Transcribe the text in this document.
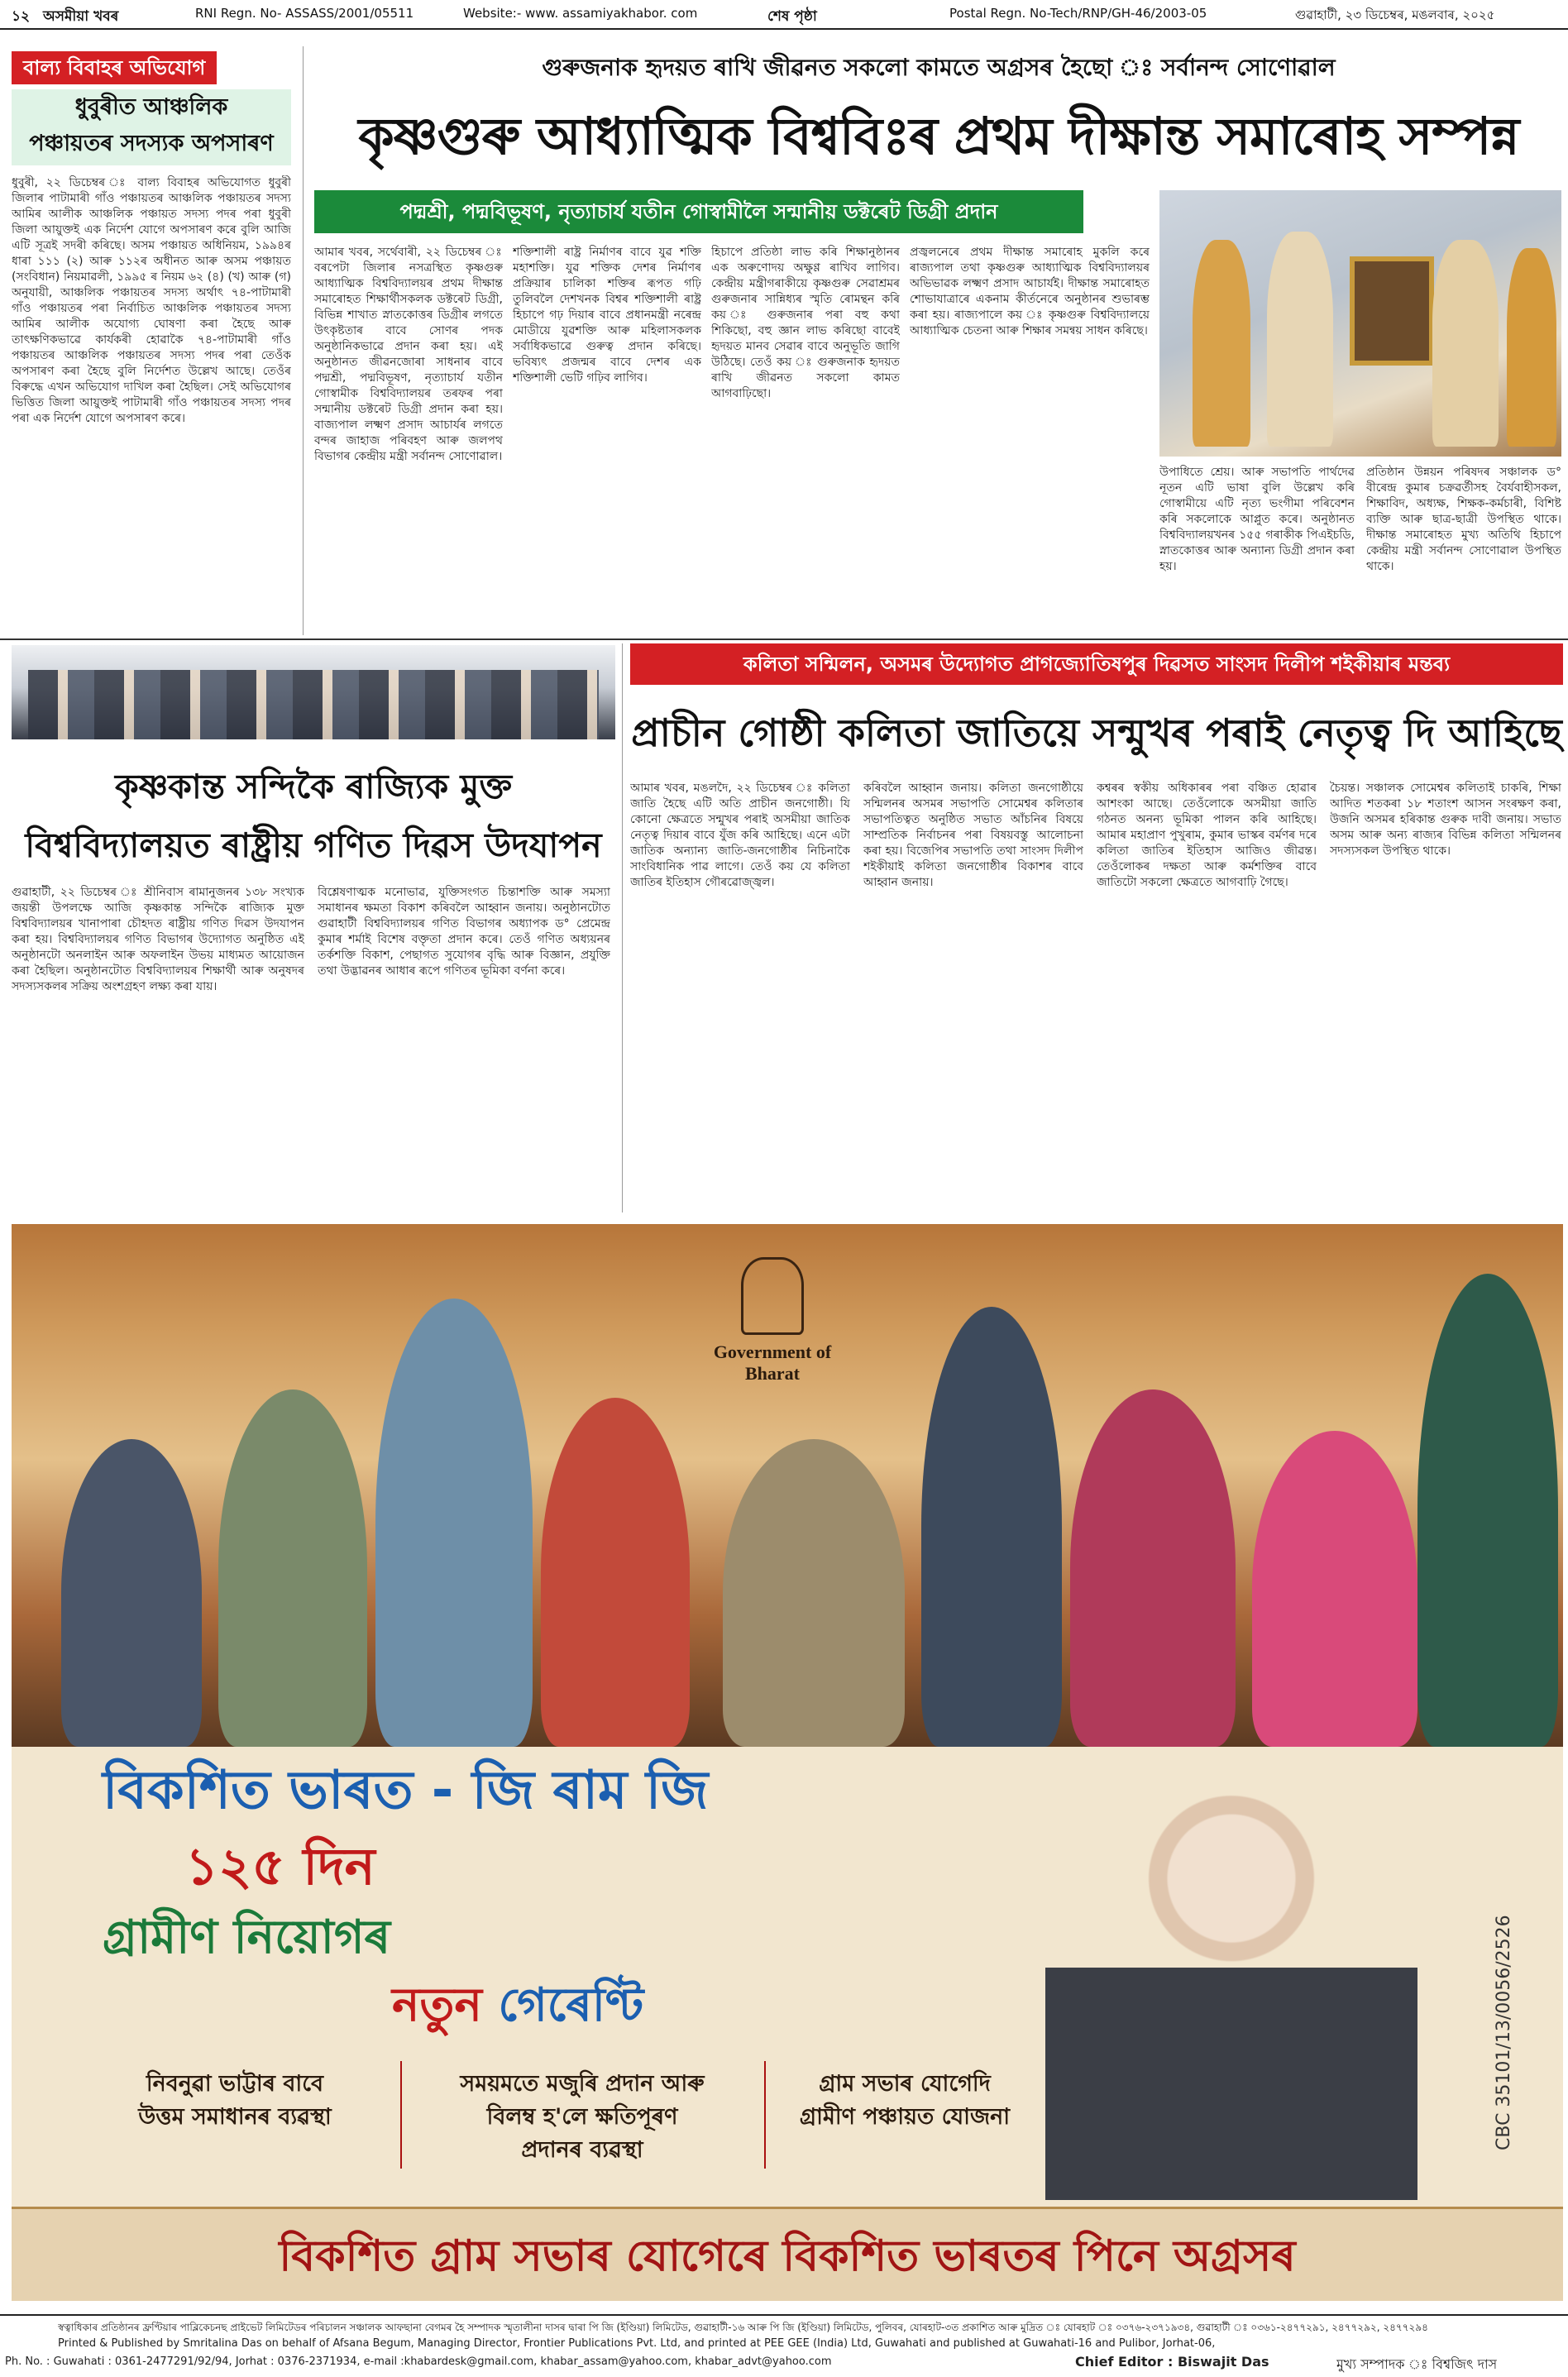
১২ অসমীয়া খবৰ	RNI Regn. No- ASSASS/2001/05511	Website:- www. assamiyakhabor. com	শেষ পৃষ্ঠা	Postal Regn. No-Tech/RNP/GH-46/2003-05	গুৱাহাটী, ২৩ ডিচেম্বৰ, মঙলবাৰ, ২০২৫
বাল্য বিবাহৰ অভিযোগ
ধুবুৰীত আঞ্চলিক
পঞ্চায়তৰ সদস্যক অপসাৰণ
ধুবুৰী, ২২ ডিচেম্বৰ ঃ বাল্য বিবাহৰ অভিযোগত ধুবুৰী জিলাৰ পাটামাৰী গাঁও পঞ্চায়তৰ আঞ্চলিক পঞ্চায়তৰ সদস্য আমিৰ আলীক আঞ্চলিক পঞ্চায়ত সদস্য পদৰ পৰা ধুবুৰী জিলা আয়ুক্তই এক নিৰ্দেশ যোগে অপসাৰণ কৰে বুলি আজি এটি সূত্ৰই সদৰী কৰিছে। অসম পঞ্চায়ত অধিনিয়ম, ১৯৯৪ৰ ধাৰা ১১১ (২) আৰু ১১২ৰ অধীনত আৰু অসম পঞ্চায়ত (সংবিধান) নিয়মাৱলী, ১৯৯৫ ৰ নিয়ম ৬২ (৪) (খ) আৰু (গ) অনুযায়ী, আঞ্চলিক পঞ্চায়তৰ সদস্য অৰ্থাৎ ৭৪-পাটামাৰী গাঁও পঞ্চায়তৰ পৰা নিৰ্বাচিত আঞ্চলিক পঞ্চায়তৰ সদস্য আমিৰ আলীক অযোগ্য ঘোষণা কৰা হৈছে আৰু তাৎক্ষণিকভাৱে কাৰ্যকৰী হোৱাকৈ ৭৪-পাটামাৰী গাঁও পঞ্চায়তৰ আঞ্চলিক পঞ্চায়তৰ সদস্য পদৰ পৰা তেওঁক অপসাৰণ কৰা হৈছে বুলি নিৰ্দেশত উল্লেখ আছে। তেওঁৰ বিৰুদ্ধে এখন অভিযোগ দাখিল কৰা হৈছিল। সেই অভিযোগৰ ভিত্তিত জিলা আয়ুক্তই পাটামাৰী গাঁও পঞ্চায়তৰ সদস্য পদৰ পৰা এক নিৰ্দেশ যোগে অপসাৰণ কৰে।
গুৰুজনাক হৃদয়ত ৰাখি জীৱনত সকলো কামতে অগ্ৰসৰ হৈছো ঃ সৰ্বানন্দ সোণোৱাল
কৃষ্ণগুৰু আধ্যাত্মিক বিশ্ববিঃৰ প্ৰথম দীক্ষান্ত সমাৰোহ সম্পন্ন
পদ্মশ্ৰী, পদ্মবিভূষণ, নৃত্যাচাৰ্য যতীন গোস্বামীলৈ সন্মানীয় ডক্টৰেট ডিগ্ৰী প্ৰদান
আমাৰ খবৰ, সৰ্থেবাৰী, ২২ ডিচেম্বৰ ঃ বৰপেটা জিলাৰ নসত্ৰস্থিত কৃষ্ণগুৰু আধ্যাত্মিক বিশ্ববিদ্যালয়ৰ প্ৰথম দীক্ষান্ত সমাৰোহত শিক্ষাৰ্থীসকলক ডক্টৰেট ডিগ্ৰী, বিভিন্ন শাখাত স্নাতকোত্তৰ ডিগ্ৰীৰ লগতে উৎকৃষ্টতাৰ বাবে সোণৰ পদক অনুষ্ঠানিকভাৱে প্ৰদান কৰা হয়। এই অনুষ্ঠানত জীৱনজোৰা সাধনাৰ বাবে পদ্মশ্ৰী, পদ্মবিভূষণ, নৃত্যাচাৰ্য যতীন গোস্বামীক বিশ্ববিদ্যালয়ৰ তৰফৰ পৰা সন্মানীয় ডক্টৰেট ডিগ্ৰী প্ৰদান কৰা হয়। বাজ্যপাল লক্ষ্মণ প্ৰসাদ আচাৰ্যৰ লগতে বন্দৰ জাহাজ পৰিবহণ আৰু জলপথ বিভাগৰ কেন্দ্ৰীয় মন্ত্ৰী সৰ্বানন্দ সোণোৱাল।
শক্তিশালী ৰাষ্ট্ৰ নিৰ্মাণৰ বাবে যুৱ শক্তি মহাশক্তি। যুৱ শক্তিক দেশৰ নিৰ্মাণৰ প্ৰক্ৰিয়াৰ চালিকা শক্তিৰ ৰূপত গঢ়ি তুলিবলৈ দেশখনক বিশ্বৰ শক্তিশালী ৰাষ্ট্ৰ হিচাপে গঢ় দিয়াৰ বাবে প্ৰধানমন্ত্ৰী নৰেন্দ্ৰ মোডীয়ে যুৱশক্তি আৰু মহিলাসকলক সৰ্বাধিকভাৱে গুৰুত্ব প্ৰদান কৰিছে। ভবিষ্যৎ প্ৰজন্মৰ বাবে দেশৰ এক শক্তিশালী ভেটি গঢ়িব লাগিব।
হিচাপে প্ৰতিষ্ঠা লাভ কৰি শিক্ষানুষ্ঠানৰ এক অৰুণোদয় অক্ষুণ্ণ ৰাখিব লাগিব। কেন্দ্ৰীয় মন্ত্ৰীগৰাকীয়ে কৃষ্ণগুৰু সেৱাশ্ৰমৰ গুৰুজনাৰ সান্নিধ্যৰ স্মৃতি ৰোমন্থন কৰি কয় ঃ গুৰুজনাৰ পৰা বহু কথা শিকিছো, বহু জ্ঞান লাভ কৰিছো বাবেই হৃদয়ত মানব সেৱাৰ বাবে অনুভূতি জাগি উঠিছে। তেওঁ কয় ঃ গুৰুজনাক হৃদয়ত ৰাখি জীৱনত সকলো কামত আগবাঢ়িছো।
প্ৰজ্বলনেৰে প্ৰথম দীক্ষান্ত সমাৰোহ মুকলি কৰে ৰাজ্যপাল তথা কৃষ্ণগুৰু আধ্যাত্মিক বিশ্ববিদ্যালয়ৰ অভিভাৱক লক্ষ্মণ প্ৰসাদ আচাৰ্যই। দীক্ষান্ত সমাৰোহত শোভাযাত্ৰাৰে একনাম কীৰ্তনেৰে অনুষ্ঠানৰ শুভাৰম্ভ কৰা হয়। ৰাজ্যপালে কয় ঃ কৃষ্ণগুৰু বিশ্ববিদ্যালয়ে আধ্যাত্মিক চেতনা আৰু শিক্ষাৰ সমন্বয় সাধন কৰিছে।
উপাধিতে শ্ৰেয়। আৰু সভাপতি পাৰ্থদেৱ নূতন এটি ভাষা বুলি উল্লেখ কৰি গোস্বামীয়ে এটি নৃত্য ভংগীমা পৰিবেশন কৰি সকলোকে আপ্লুত কৰে। অনুষ্ঠানত বিশ্ববিদ্যালয়খনৰ ১৫৫ গৰাকীক পিএইচডি, স্নাতকোত্তৰ আৰু অন্যান্য ডিগ্ৰী প্ৰদান কৰা হয়।
প্ৰতিষ্ঠান উন্নয়ন পৰিষদৰ সঞ্চালক ড° বীৰেন্দ্ৰ কুমাৰ চক্ৰৱৰ্তীসহ বৈৰ্যবাহীসকল, শিক্ষাবিদ, অধ্যক্ষ, শিক্ষক-কৰ্মচাৰী, বিশিষ্ট ব্যক্তি আৰু ছাত্ৰ-ছাত্ৰী উপস্থিত থাকে। দীক্ষান্ত সমাৰোহত মুখ্য অতিথি হিচাপে কেন্দ্ৰীয় মন্ত্ৰী সৰ্বানন্দ সোণোৱাল উপস্থিত থাকে।
কৃষ্ণকান্ত সন্দিকৈ ৰাজ্যিক মুক্ত
বিশ্ববিদ্যালয়ত ৰাষ্ট্ৰীয় গণিত দিৱস উদযাপন
গুৱাহাটী, ২২ ডিচেম্বৰ ঃ শ্ৰীনিবাস ৰামানুজনৰ ১৩৮ সংখ্যক জয়ন্তী উপলক্ষে আজি কৃষ্ণকান্ত সন্দিকৈ ৰাজ্যিক মুক্ত বিশ্ববিদ্যালয়ৰ খানাপাৰা চৌহদত ৰাষ্ট্ৰীয় গণিত দিৱস উদযাপন কৰা হয়। বিশ্ববিদ্যালয়ৰ গণিত বিভাগৰ উদ্যোগত অনুষ্ঠিত এই অনুষ্ঠানটো অনলাইন আৰু অফলাইন উভয় মাধ্যমত আয়োজন কৰা হৈছিল। অনুষ্ঠানটোত বিশ্ববিদ্যালয়ৰ শিক্ষাৰ্থী আৰু অনুষদৰ সদস্যসকলৰ সক্ৰিয় অংশগ্ৰহণ লক্ষ্য কৰা যায়।
বিশ্লেষণাত্মক মনোভাৱ, যুক্তিসংগত চিন্তাশক্তি আৰু সমস্যা সমাধানৰ ক্ষমতা বিকাশ কৰিবলৈ আহ্বান জনায়। অনুষ্ঠানটোত গুৱাহাটী বিশ্ববিদ্যালয়ৰ গণিত বিভাগৰ অধ্যাপক ড° প্ৰেমেন্দ্ৰ কুমাৰ শৰ্মাই বিশেষ বক্তৃতা প্ৰদান কৰে। তেওঁ গণিত অধ্যয়নৰ তৰ্কশক্তি বিকাশ, পেছাগত সুযোগৰ বৃদ্ধি আৰু বিজ্ঞান, প্ৰযুক্তি তথা উদ্ভাৱনৰ আধাৰ ৰূপে গণিতৰ ভূমিকা বৰ্ণনা কৰে।
কলিতা সন্মিলন, অসমৰ উদ্যোগত প্ৰাগজ্যোতিষপুৰ দিৱসত সাংসদ দিলীপ শইকীয়াৰ মন্তব্য
প্ৰাচীন গোষ্ঠী কলিতা জাতিয়ে সন্মুখৰ পৰাই নেতৃত্ব দি আহিছে
আমাৰ খবৰ, মঙলদৈ, ২২ ডিচেম্বৰ ঃ কলিতা জাতি হৈছে এটি অতি প্ৰাচীন জনগোষ্ঠী। যি কোনো ক্ষেত্ৰতে সন্মুখৰ পৰাই অসমীয়া জাতিক নেতৃত্ব দিয়াৰ বাবে যুঁজ কৰি আহিছে। এনে এটা জাতিক অন্যান্য জাতি-জনগোষ্ঠীৰ নিচিনাকৈ সাংবিধানিক পাৱ লাগে। তেওঁ কয় যে কলিতা জাতিৰ ইতিহাস গৌৰৱোজ্জ্বল।
কৰিবলৈ আহ্বান জনায়। কলিতা জনগোষ্ঠীয়ে সন্মিলনৰ অসমৰ সভাপতি সোমেশ্বৰ কলিতাৰ সভাপতিত্বত অনুষ্ঠিত সভাত আঁচনিৰ বিষয়ে সাম্প্ৰতিক নিৰ্বাচনৰ পৰা বিষয়বস্তু আলোচনা কৰা হয়। বিজেপিৰ সভাপতি তথা সাংসদ দিলীপ শইকীয়াই কলিতা জনগোষ্ঠীৰ বিকাশৰ বাবে আহ্বান জনায়।
কশ্বৰৰ স্বকীয় অধিকাৰৰ পৰা বঞ্চিত হোৱাৰ আশংকা আছে। তেওঁলোকে অসমীয়া জাতি গঠনত অনন্য ভূমিকা পালন কৰি আহিছে। আমাৰ মহাপ্ৰাণ পুখুৰাম, কুমাৰ ভাস্কৰ বৰ্মণৰ দৰে কলিতা জাতিৰ ইতিহাস আজিও জীৱন্ত। তেওঁলোকৰ দক্ষতা আৰু কৰ্মশক্তিৰ বাবে জাতিটো সকলো ক্ষেত্ৰতে আগবাঢ়ি গৈছে।
চৈয়ন্ত। সঞ্চালক সোমেশ্বৰ কলিতাই চাকৰি, শিক্ষা আদিত শতকৰা ১৮ শতাংশ আসন সংৰক্ষণ কৰা, উজনি অসমৰ হৰিকান্ত গুৰুক দাবী জনায়। সভাত অসম আৰু অন্য ৰাজ্যৰ বিভিন্ন কলিতা সন্মিলনৰ সদস্যসকল উপস্থিত থাকে।
Government of Bharat
বিকশিত ভাৰত - জি ৰাম জি
১২৫ দিন
গ্ৰামীণ নিয়োগৰ
নতুন গেৰেণ্টি
নিবনুৱা ভাট্টাৰ বাবে
উত্তম সমাধানৰ ব্যৱস্থা
সময়মতে মজুৰি প্ৰদান আৰু
বিলম্ব হ'লে ক্ষতিপূৰণ
প্ৰদানৰ ব্যৱস্থা
গ্ৰাম সভাৰ যোগেদি
গ্ৰামীণ পঞ্চায়ত যোজনা	CBC 35101/13/0056/2526
বিকশিত গ্ৰাম সভাৰ যোগেৰে বিকশিত ভাৰতৰ পিনে অগ্ৰসৰ
স্বত্বাধিকাৰ প্ৰতিষ্ঠানৰ ফ্ৰণ্টিয়াৰ পাব্লিকেচনছ প্ৰাইভেট লিমিটেডৰ পৰিচালন সঞ্চালক আফছানা বেগমৰ হৈ সম্পাদক স্মৃতালীনা দাসৰ দ্বাৰা পি জি (ইণ্ডিয়া) লিমিটেড, গুৱাহাটী-১৬ আৰু পি জি (ইণ্ডিয়া) লিমিটেড, পুলিবৰ, যোৰহাট-৩ত প্ৰকাশিত আৰু মুদ্ৰিত ঃ যোৰহাট ঃ ০৩৭৬-২৩৭১৯৩৪, গুৱাহাটী ঃ ০৩৬১-২৪৭৭২৯১, ২৪৭৭২৯২, ২৪৭৭২৯৪
Printed & Published by Smritalina Das on behalf of Afsana Begum, Managing Director, Frontier Publications Pvt. Ltd, and printed at PEE GEE (India) Ltd, Guwahati and published at Guwahati-16 and Pulibor, Jorhat-06,
Ph. No. : Guwahati : 0361-2477291/92/94, Jorhat : 0376-2371934, e-mail :khabardesk@gmail.com, khabar_assam@yahoo.com, khabar_advt@yahoo.com	Chief Editor : Biswajit Das	মুখ্য সম্পাদক ঃ বিশ্বজিৎ দাস
